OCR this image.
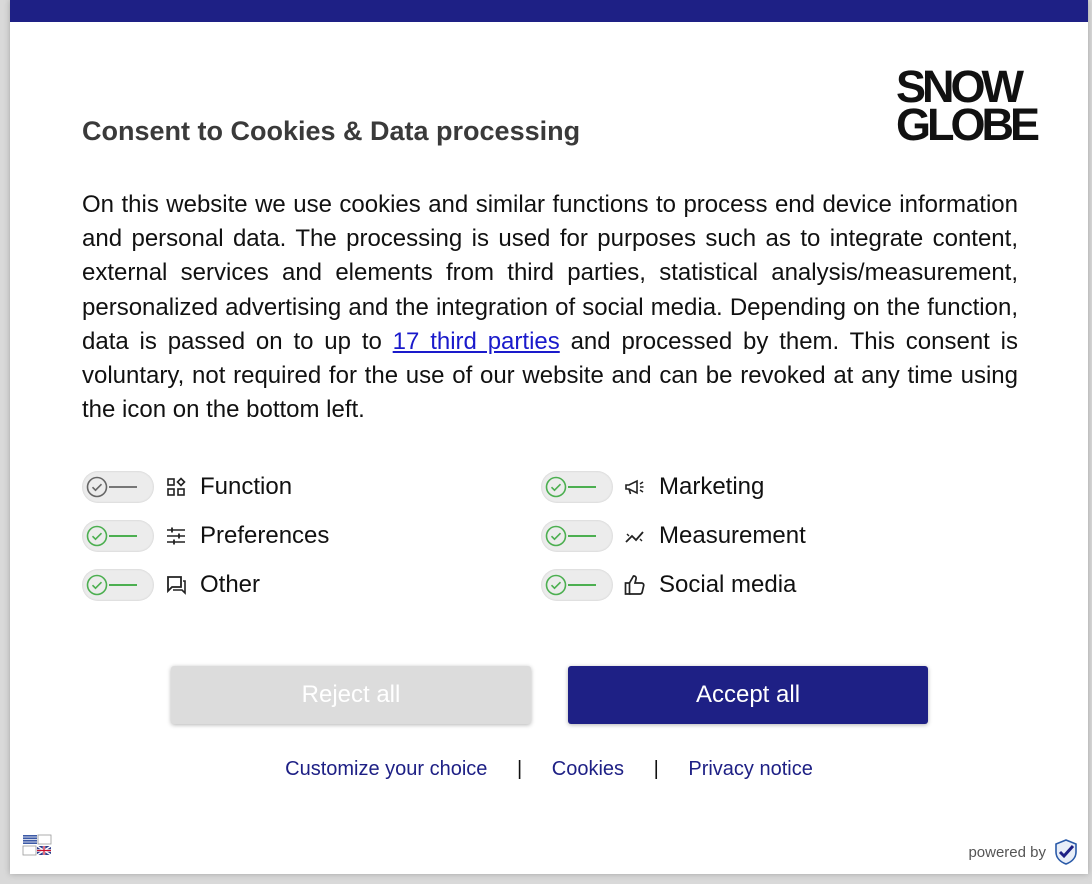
SNOW
GLOBE
Consent to Cookies & Data processing

On this website we use cookies and similar functions to process end device information and personal data. The processing is used for purposes such as to integrate content, external services and elements from third parties, statistical analysis/measurement, personalized advertising and the integration of social media. Depending on the function, data is passed on to up to 17 third parties and processed by them. This consent is voluntary, not required for the use of our website and can be revoked at any time using the icon on the bottom left.

Function	Marketing
Preferences	Measurement
Other	Social media
Reject all	Accept all
Customize your choice | Cookies | Privacy notice
powered by
